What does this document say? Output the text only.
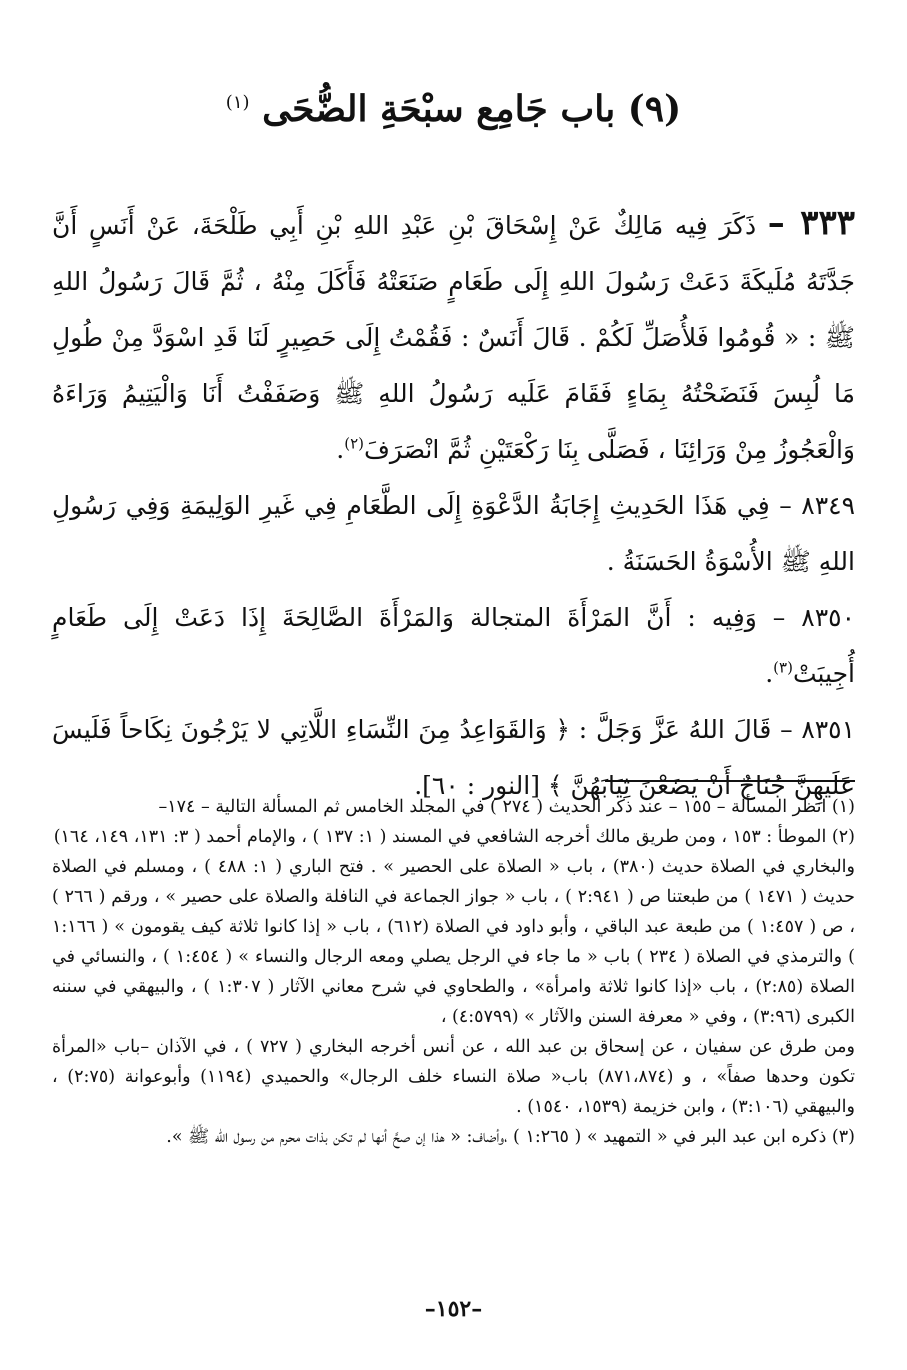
(٩) باب جَامِع سبْحَةِ الضُّحَى $^{(١)}$

٣٣٣ – ذَكَرَ فِيه مَالِكٌ عَنْ إِسْحَاقَ بْنِ عَبْدِ اللهِ بْنِ أَبِي طَلْحَةَ، عَنْ أَنَسٍ أَنَّ جَدَّتَهُ مُلَيكَةَ دَعَتْ رَسُولَ اللهِ إِلَى طَعَامٍ صَنَعَتْهُ فَأَكَلَ مِنْهُ ، ثُمَّ قَالَ رَسُولُ اللهِ ﷺ : « قُومُوا فَلأُصَلِّ لَكُمْ . قَالَ أَنَسٌ : فَقُمْتُ إِلَى حَصِيرٍ لَنَا قَدِ اسْوَدَّ مِنْ طُولِ مَا لُبِسَ فَنَضَحْتُهُ بِمَاءٍ فَقَامَ عَلَيه رَسُولُ اللهِ ﷺ وَصَفَفْتُ أَنَا وَالْيَتِيمُ وَرَاءَهُ وَالْعَجُوزُ مِنْ وَرَائِنَا ، فَصَلَّى بِنَا رَكْعَتَيْنِ ثُمَّ انْصَرَفَ$^{(٢)}$.

٨٣٤٩ – فِي هَذَا الحَدِيثِ إِجَابَةُ الدَّعْوَةِ إِلَى الطَّعَامِ فِي غَيرِ الوَلِيمَةِ وَفِي رَسُولِ اللهِ ﷺ الأُسْوَةُ الحَسَنَةُ .

٨٣٥٠ – وَفِيه : أَنَّ المَرْأَةَ المتجالة وَالمَرْأَةَ الصَّالِحَةَ إِذَا دَعَتْ إِلَى طَعَامٍ أُجِيبَتْ$^{(٣)}$.

٨٣٥١ – قَالَ اللهُ عَزَّ وَجَلَّ : ﴿ وَالقَوَاعِدُ مِنَ النِّسَاءِ اللَّاتِي لا يَرْجُونَ نِكَاحاً فَلَيسَ عَلَيهِنَّ جُنَاحٌ أَنْ يَضَعْنَ ثِيَابَهُنَّ ﴾ [النور : ٦٠].

(١) انظر المسألة – ١٥٥ – عند ذكر الحديث ( ٢٧٤ ) في المجلد الخامس ثم المسألة التالية – ١٧٤–

(٢) الموطأ : ١٥٣ ، ومن طريق مالك أخرجه الشافعي في المسند ( ١: ١٣٧ ) ، والإمام أحمد ( ٣: ١٣١، ١٤٩، ١٦٤)

والبخاري في الصلاة حديث (٣٨٠) ، باب « الصلاة على الحصير » . فتح الباري ( ١: ٤٨٨ ) ، ومسلم في الصلاة حديث ( ١٤٧١ ) من طبعتنا ص ( ٢:٩٤١ ) ، باب « جواز الجماعة في النافلة والصلاة على حصير » ، ورقم ( ٢٦٦ ) ، ص ( ١:٤٥٧ ) من طبعة عبد الباقي ، وأبو داود في الصلاة (٦١٢) ، باب « إذا كانوا ثلاثة كيف يقومون » ( ١:١٦٦ ) والترمذي في الصلاة ( ٢٣٤ ) باب « ما جاء في الرجل يصلي ومعه الرجال والنساء » ( ١:٤٥٤ ) ، والنسائي في الصلاة (٢:٨٥) ، باب «إذا كانوا ثلاثة وامرأة» ، والطحاوي في شرح معاني الآثار ( ١:٣٠٧ ) ، والبيهقي في سننه الكبرى (٣:٩٦) ، وفي « معرفة السنن والآثار » (٤:٥٧٩٩) ،

ومن طرق عن سفيان ، عن إسحاق بن عبد الله ، عن أنس أخرجه البخاري ( ٧٢٧ ) ، في الآذان –باب «المرأة تكون وحدها صفاً» ، و (٨٧١،٨٧٤) باب« صلاة النساء خلف الرجال» والحميدي (١١٩٤) وأبوعوانة (٢:٧٥) ، والبيهقي (٣:١٠٦) ، وابن خزيمة (١٥٣٩، ١٥٤٠) .

(٣) ذكره ابن عبد البر في « التمهيد » ( ١:٢٦٥ ) ،وأضاف: « هذا إن صحَّ أنها لم تكن بذات محرم من رسول الله ﷺ ».

–١٥٢–
